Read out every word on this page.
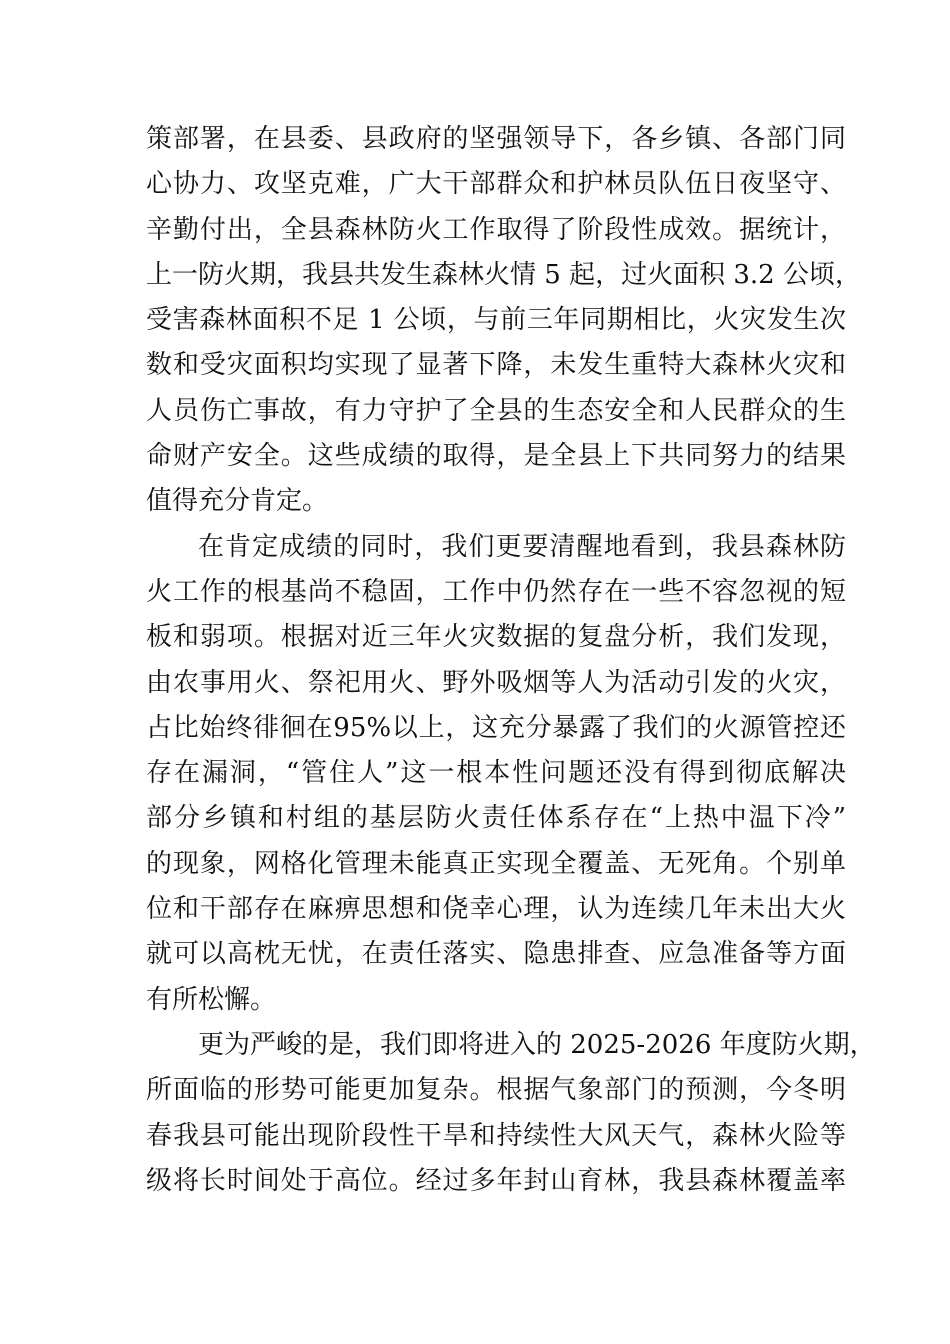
策部署，在县委、县政府的坚强领导下，各乡镇、各部门同
心协力、攻坚克难，广大干部群众和护林员队伍日夜坚守、
辛勤付出，全县森林防火工作取得了阶段性成效。据统计，
上一防火期，我县共发生森林火情 5 起，过火面积 3.2 公顷，
受害森林面积不足 1 公顷，与前三年同期相比，火灾发生次
数和受灾面积均实现了显著下降，未发生重特大森林火灾和
人员伤亡事故，有力守护了全县的生态安全和人民群众的生
命财产安全。这些成绩的取得，是全县上下共同努力的结果
值得充分肯定。
在肯定成绩的同时，我们更要清醒地看到，我县森林防
火工作的根基尚不稳固，工作中仍然存在一些不容忽视的短
板和弱项。根据对近三年火灾数据的复盘分析，我们发现，
由农事用火、祭祀用火、野外吸烟等人为活动引发的火灾，
占比始终徘徊在95%以上，这充分暴露了我们的火源管控还
存在漏洞，“管住人”这一根本性问题还没有得到彻底解决
部分乡镇和村组的基层防火责任体系存在“上热中温下冷”
的现象，网格化管理未能真正实现全覆盖、无死角。个别单
位和干部存在麻痹思想和侥幸心理，认为连续几年未出大火
就可以高枕无忧，在责任落实、隐患排查、应急准备等方面
有所松懈。
更为严峻的是，我们即将进入的 2025-2026 年度防火期，
所面临的形势可能更加复杂。根据气象部门的预测，今冬明
春我县可能出现阶段性干旱和持续性大风天气，森林火险等
级将长时间处于高位。经过多年封山育林，我县森林覆盖率
